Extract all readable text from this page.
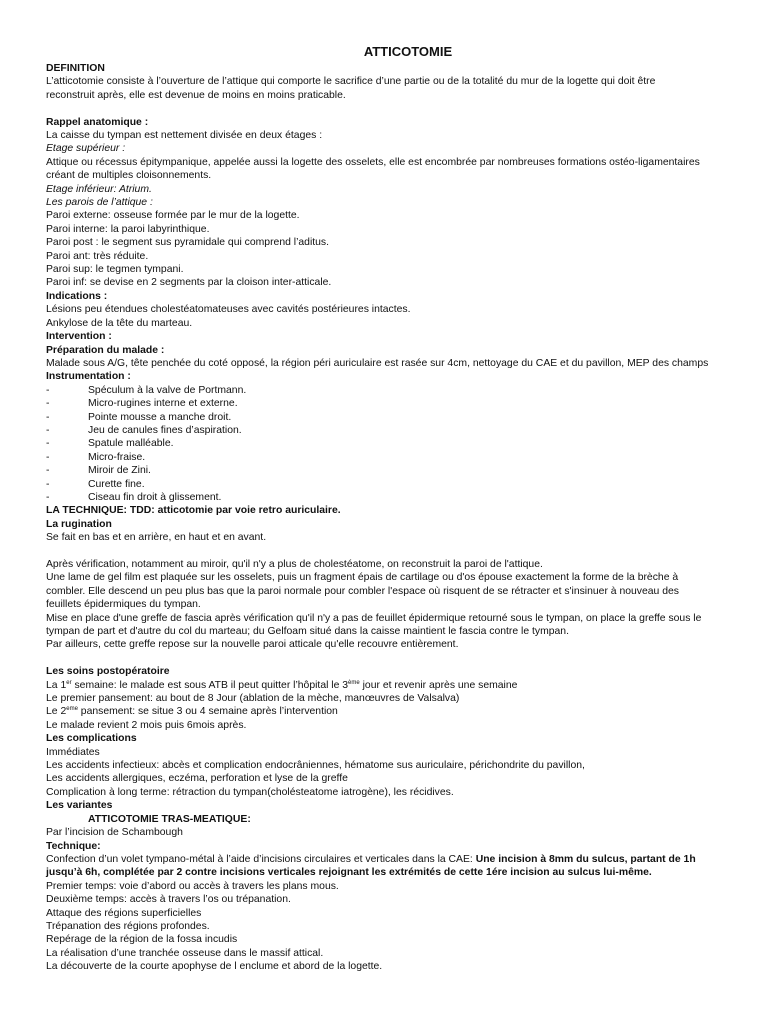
ATTICOTOMIE
DEFINITION
L’atticotomie consiste à l’ouverture de l’attique qui comporte le sacrifice d’une partie ou de la totalité du mur de la logette qui doit être
reconstruit après, elle est devenue de moins en moins praticable.
Rappel anatomique :
La caisse du tympan est nettement divisée en deux étages :
Etage supérieur :
Attique ou récessus épitympanique, appelée aussi la logette des osselets, elle est encombrée par nombreuses formations ostéo-ligamentaires
créant de multiples cloisonnements.
Etage inférieur: Atrium.
Les parois de l’attique :
Paroi externe: osseuse formée par le mur de la logette.
Paroi interne: la paroi labyrinthique.
Paroi post : le segment sus pyramidale qui comprend l’aditus.
Paroi ant: très réduite.
Paroi sup: le tegmen tympani.
Paroi inf: se devise en 2 segments par la cloison inter-atticale.
Indications :
Lésions peu étendues cholestéatomateuses avec cavités postérieures intactes.
Ankylose de la tête du marteau.
Intervention :
Préparation du malade :
Malade sous A/G, tête penchée du coté opposé, la région péri auriculaire est rasée sur 4cm, nettoyage du CAE et du pavillon, MEP des champs
Instrumentation :
-	Spéculum à la valve de Portmann.
-	Micro-rugines interne et externe.
-	Pointe mousse a manche droit.
-	Jeu de canules fines d’aspiration.
-	Spatule malléable.
-	Micro-fraise.
-	Miroir de Zini.
-	Curette fine.
-	Ciseau fin droit à glissement.
LA TECHNIQUE: TDD: atticotomie par voie retro auriculaire.
La rugination
Se fait en bas et en arrière, en haut et en avant.
Après vérification, notamment au miroir, qu'il n'y a plus de cholestéatome, on reconstruit la paroi de l'attique.
Une lame de gel film est plaquée sur les osselets, puis un fragment épais de cartilage ou d'os épouse exactement la forme de la brèche à
combler. Elle descend un peu plus bas que la paroi normale pour combler l'espace où risquent de se rétracter et s'insinuer à nouveau des
feuillets épidermiques du tympan.
Mise en place d'une greffe de fascia après vérification qu'il n'y a pas de feuillet épidermique retourné sous le tympan, on place la greffe sous le
tympan de part et d'autre du col du marteau; du Gelfoam situé dans la caisse maintient le fascia contre le tympan.
Par ailleurs, cette greffe repose sur la nouvelle paroi atticale qu'elle recouvre entièrement.
Les soins postopératoire
La 1er semaine: le malade est sous ATB il peut quitter l’hôpital le 3ème jour et revenir après une semaine
Le premier pansement: au bout de 8 Jour (ablation de la mèche, manœuvres de Valsalva)
Le 2eme pansement: se situe 3 ou 4 semaine après l’intervention
Le malade revient 2 mois puis 6mois après.
Les complications
Immédiates
Les accidents infectieux: abcès et complication endocrâniennes, hématome sus auriculaire, périchondrite du pavillon,
Les accidents allergiques, eczéma, perforation et lyse de la greffe
Complication à long terme: rétraction du tympan(cholésteatome iatrogène), les récidives.
Les variantes
ATTICOTOMIE TRAS-MEATIQUE:
Par l’incision de Schambough
Technique:
Confection d’un volet tympano-métal à l’aide d’incisions circulaires et verticales dans la CAE: Une incision à 8mm du sulcus, partant de 1h
jusqu’à 6h, complétée par 2 contre incisions verticales rejoignant les extrémités de cette 1ére incision au sulcus lui-même.
Premier temps: voie d’abord ou accès à travers les plans mous.
Deuxième temps: accès à travers l’os ou trépanation.
Attaque des régions superficielles
Trépanation des régions profondes.
Repérage de la région de la fossa incudis
La réalisation d’une tranchée osseuse dans le massif attical.
La découverte de la courte apophyse de l enclume et abord de la logette.
